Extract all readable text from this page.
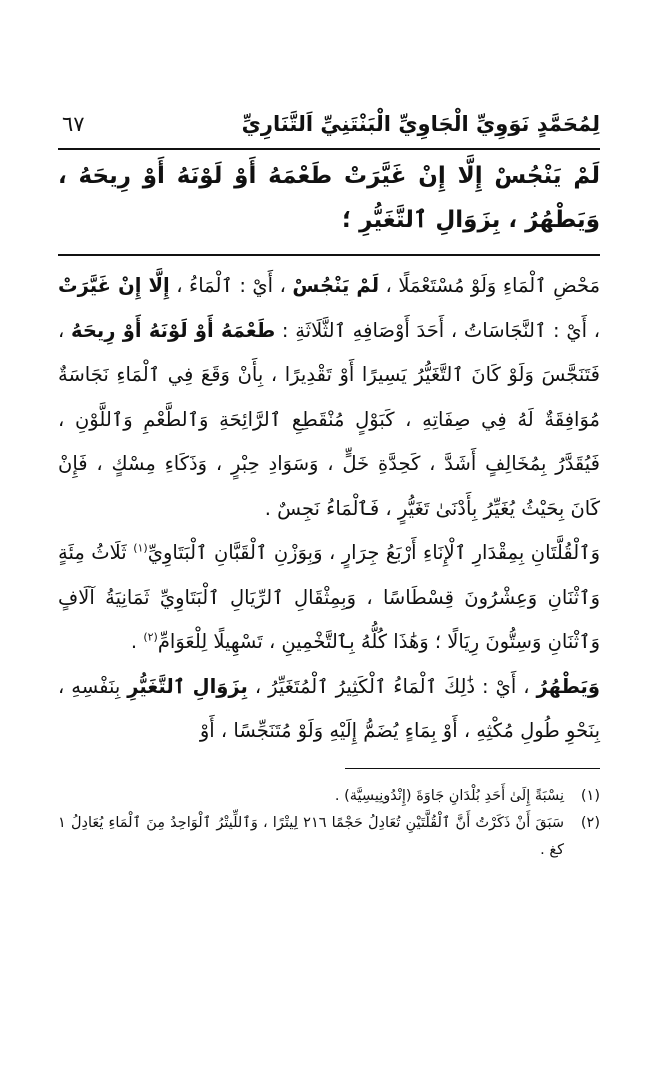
لِمُحَمَّدٍ نَوَوِيِّ الْجَاوِيِّ الْبَنْتَنِيِّ اَلتَّنَارِيِّ
٦٧

لَمْ يَنْجُسْ إِلَّا إِنْ غَيَّرَتْ طَعْمَهُ أَوْ لَوْنَهُ أَوْ رِيحَهُ ، وَيَطْهُرُ ، بِزَوَالِ ٱلتَّغَيُّرِ ؛

مَحْضِ ٱلْمَاءِ وَلَوْ مُسْتَعْمَلًا ، لَمْ يَنْجُسْ ، أَيْ : ٱلْمَاءُ ، إِلَّا إِنْ غَيَّرَتْ ، أَيْ : ٱلنَّجَاسَاتُ ، أَحَدَ أَوْصَافِهِ ٱلثَّلَاثَةِ : طَعْمَهُ أَوْ لَوْنَهُ أَوْ رِيحَهُ ، فَتَنَجَّسَ وَلَوْ كَانَ ٱلتَّغَيُّرُ يَسِيرًا أَوْ تَقْدِيرًا ، بِأَنْ وَقَعَ فِي ٱلْمَاءِ نَجَاسَةٌ مُوَافِقَةٌ لَهُ فِي صِفَاتِهِ ، كَبَوْلٍ مُنْقَطِعِ ٱلرَّائِحَةِ وَٱلطَّعْمِ وَٱللَّوْنِ ، فَيُقَدَّرُ بِمُخَالِفٍ أَشَدَّ ، كَحِدَّةِ خَلٍّ ، وَسَوَادِ حِبْرٍ ، وَذَكَاءِ مِسْكٍ ، فَإِنْ كَانَ بِحَيْثُ يُغَيِّرُ بِأَدْنَىٰ تَغَيُّرٍ ، فَٱلْمَاءُ نَجِسٌ .

وَٱلْقُلَّتَانِ بِمِقْدَارِ ٱلْإِنَاءِ أَرْبَعُ جِرَارٍ ، وَبِوَزْنِ ٱلْقَبَّانِ ٱلْبَتَاوِيِّ$^{(١)}$ ثَلَاثُ مِئَةٍ وَٱثْنَانِ وَعِشْرُونَ قِسْطَاسًا ، وَبِمِثْقَالِ ٱلرِّيَالِ ٱلْبَتَاوِيِّ ثَمَانِيَةُ آلَافٍ وَٱثْنَانِ وَسِتُّونَ رِيَالًا ؛ وَهَٰذَا كُلُّهُ بِٱلتَّخْمِينِ ، تَسْهِيلًا لِلْعَوَامِّ$^{(٢)}$ .

وَيَطْهُرُ ، أَيْ : ذَٰلِكَ ٱلْمَاءُ ٱلْكَثِيرُ ٱلْمُتَغَيِّرُ ، بِزَوَالِ ٱلتَّغَيُّرِ بِنَفْسِهِ ، بِنَحْوِ طُولِ مُكْثِهِ ، أَوْ بِمَاءٍ يُضَمُّ إِلَيْهِ وَلَوْ مُتَنَجِّسًا ، أَوْ

(١)
نِسْبَةً إِلَىٰ أَحَدِ بُلْدَانِ جَاوَةَ (إِنْدُونِيسِيَّة) .
(٢)
سَبَقَ أَنْ ذَكَرْتُ أَنَّ ٱلْقُلَّتَيْنِ تُعَادِلُ حَجْمًا ٢١٦ لِيتْرًا ، وَٱللِّيتْرُ ٱلْوَاحِدُ مِنَ ٱلْمَاءِ يُعَادِلُ ١ كغ .
